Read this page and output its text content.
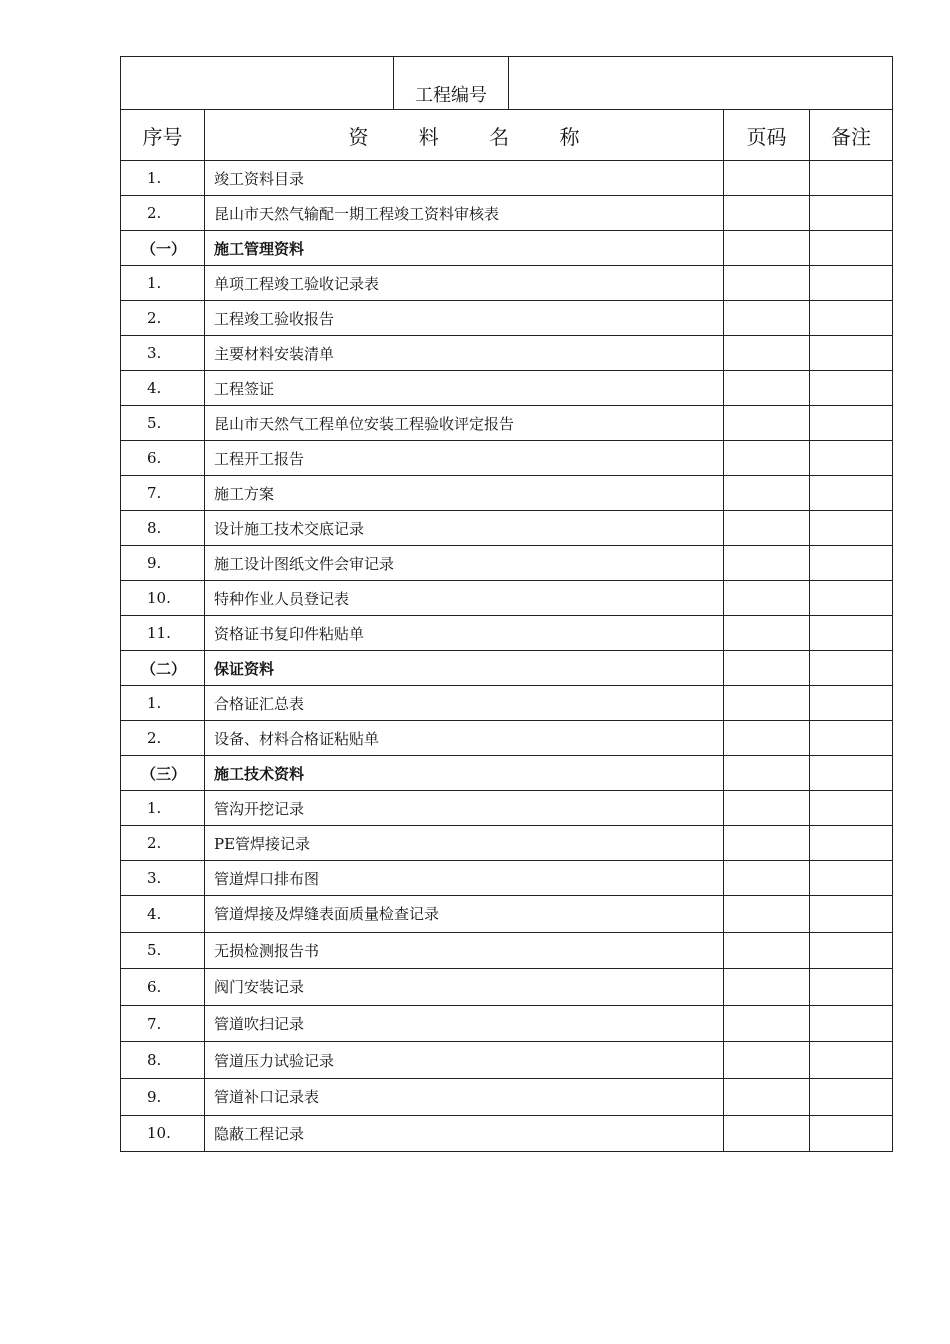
		工程编号			
序号	资 料 名 称			页码	备注
1.	竣工资料目录				
2.	昆山市天然气输配一期工程竣工资料审核表				
（一）	施工管理资料				
1.	单项工程竣工验收记录表				
2.	工程竣工验收报告				
3.	主要材料安装清单				
4.	工程签证				
5.	昆山市天然气工程单位安装工程验收评定报告				
6.	工程开工报告				
7.	施工方案				
8.	设计施工技术交底记录				
9.	施工设计图纸文件会审记录				
10.	特种作业人员登记表				
11.	资格证书复印件粘贴单				
（二）	保证资料				
1.	合格证汇总表				
2.	设备、材料合格证粘贴单				
（三）	施工技术资料				
1.	管沟开挖记录				
2.	PE管焊接记录				
3.	管道焊口排布图				
4.	管道焊接及焊缝表面质量检查记录				
5.	无损检测报告书				
6.	阀门安装记录				
7.	管道吹扫记录				
8.	管道压力试验记录				
9.	管道补口记录表				
10.	隐蔽工程记录				
